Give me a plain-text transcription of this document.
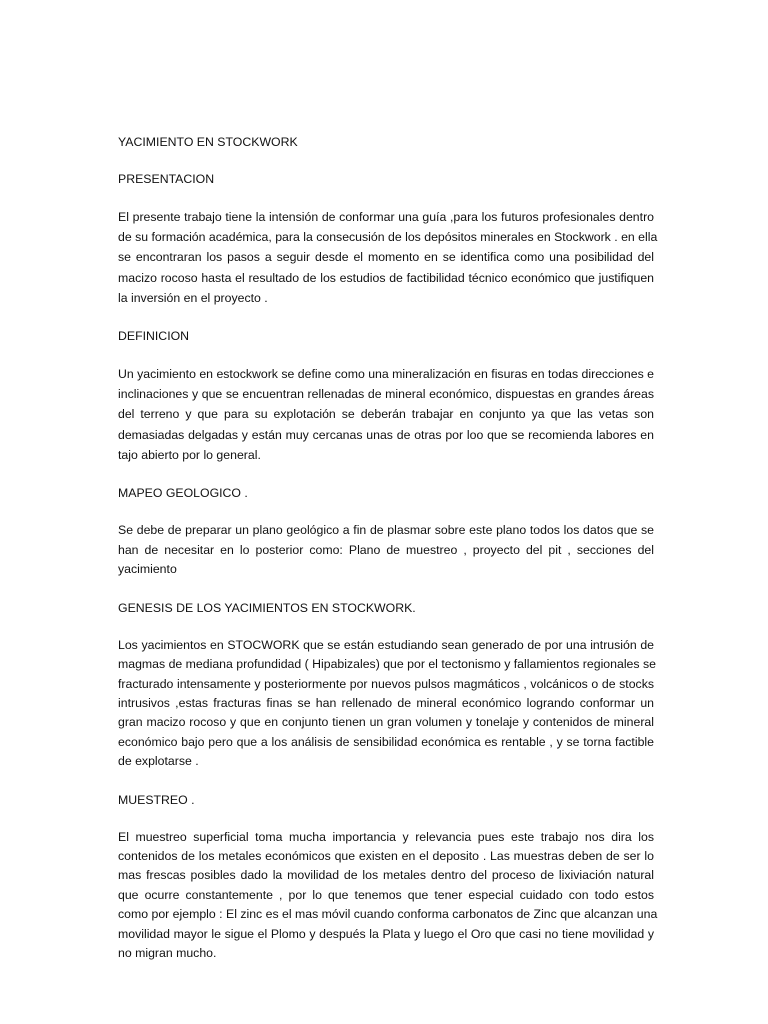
YACIMIENTO EN STOCKWORK

PRESENTACION

El presente trabajo tiene la intensión de conformar una guía ,para los futuros profesionales dentro
de su formación académica, para la consecusión de los depósitos minerales en Stockwork . en ella
se encontraran los pasos a seguir desde el momento en se identifica como una posibilidad del
macizo rocoso hasta el resultado de los estudios de factibilidad técnico económico que justifiquen
la inversión en el proyecto .

DEFINICION

Un yacimiento en estockwork se define como una mineralización en fisuras en todas direcciones e
inclinaciones y que se encuentran rellenadas de mineral económico, dispuestas en grandes áreas
del terreno y que para su explotación se deberán trabajar en conjunto ya que las vetas son
demasiadas delgadas y están muy cercanas unas de otras por loo que se recomienda labores en
tajo abierto por lo general.

MAPEO GEOLOGICO .

Se debe de preparar un plano geológico a fin de plasmar sobre este plano todos los datos que se
han de necesitar en lo posterior como: Plano de muestreo , proyecto del pit , secciones del
yacimiento

GENESIS DE LOS YACIMIENTOS EN STOCKWORK.

Los yacimientos en STOCWORK que se están estudiando sean generado de por una intrusión de
magmas de mediana profundidad ( Hipabizales) que por el tectonismo y fallamientos regionales se
fracturado intensamente y posteriormente por nuevos pulsos magmáticos , volcánicos o de stocks
intrusivos ,estas fracturas finas se han rellenado de mineral económico logrando conformar un
gran macizo rocoso y que en conjunto tienen un gran volumen y tonelaje y contenidos de mineral
económico bajo pero que a los análisis de sensibilidad económica es rentable , y se torna factible
de explotarse .

MUESTREO .

El muestreo superficial toma mucha importancia y relevancia pues este trabajo nos dira los
contenidos de los metales económicos que existen en el deposito . Las muestras deben de ser lo
mas frescas posibles dado la movilidad de los metales dentro del proceso de lixiviación natural
que ocurre constantemente , por lo que tenemos que tener especial cuidado con todo estos
como por ejemplo : El zinc es el mas móvil cuando conforma carbonatos de Zinc que alcanzan una
movilidad mayor le sigue el Plomo y después la Plata y luego el Oro que casi no tiene movilidad y
no migran mucho.
